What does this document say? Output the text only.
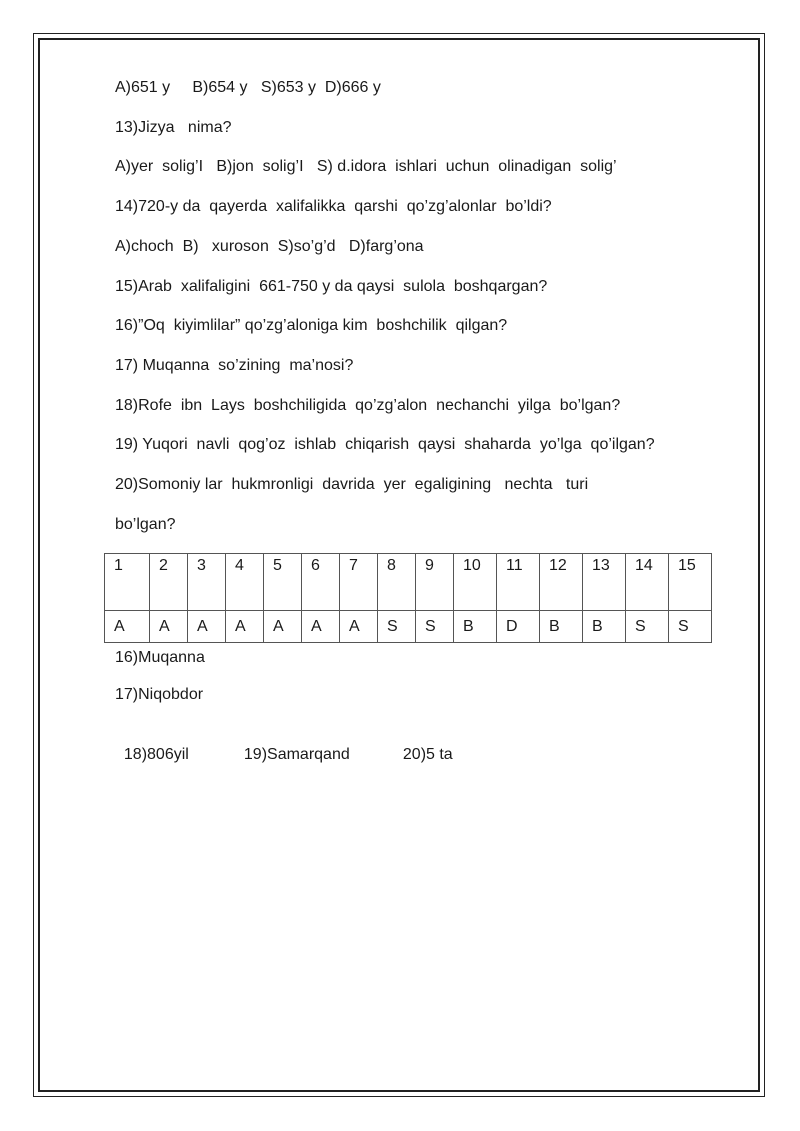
A)651 y     B)654 y   S)653 y  D)666 y
13)Jizya   nima?
A)yer  solig’I   B)jon  solig’I   S) d.idora  ishlari  uchun  olinadigan  solig’
14)720-y da  qayerda  xalifalikka  qarshi  qo’zg’alonlar  bo’ldi?
A)choch  B)   xuroson  S)so’g’d   D)farg’ona
15)Arab  xalifaligini  661-750 y da qaysi  sulola  boshqargan?
16)”Oq  kiyimlilar” qo’zg’aloniga kim  boshchilik  qilgan?
17) Muqanna  so’zining  ma’nosi?
18)Rofe  ibn  Lays  boshchiligida  qo’zg’alon  nechanchi  yilga  bo’lgan?
19) Yuqori  navli  qog’oz  ishlab  chiqarish  qaysi  shaharda  yo’lga  qo’ilgan?
20)Somoniy lar  hukmronligi  davrida  yer  egaligining   nechta   turi
bo’lgan?
1	2	3	4	5	6	7	8	9	10	11	12	13	14	15
A	A	A	A	A	A	A	S	S	B	D	B	B	S	S
16)Muqanna
17)Niqobdor

18)806yil	19)Samarqand	20)5 ta
